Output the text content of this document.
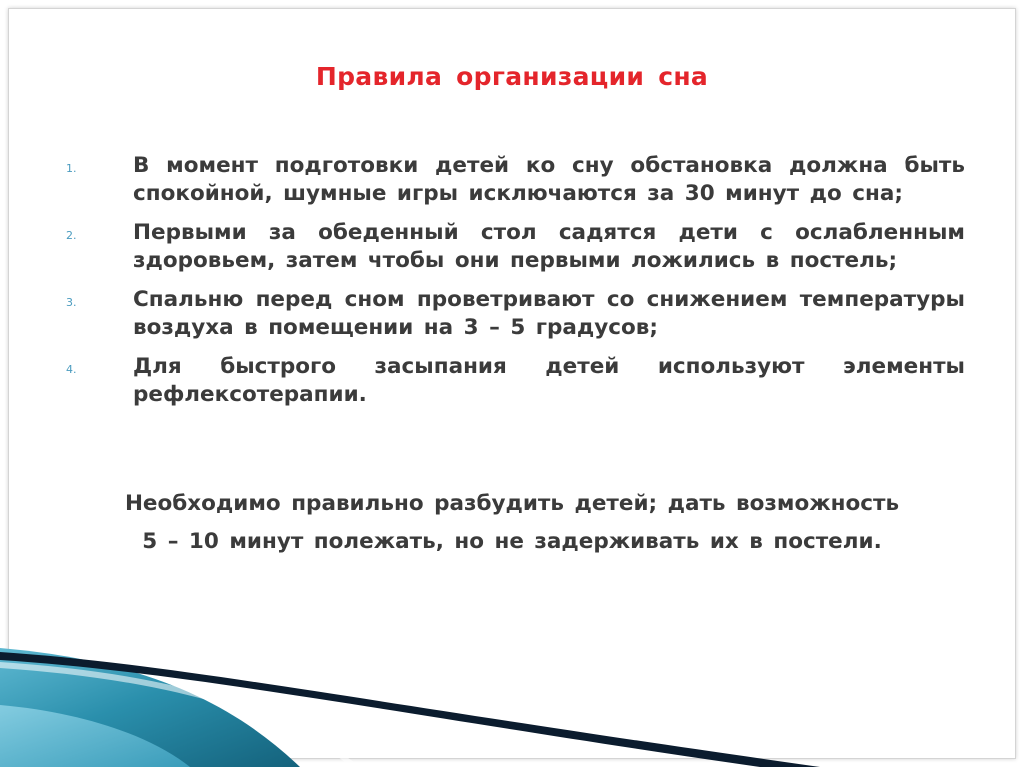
Правила организации сна
1.	В момент подготовки детей ко сну обстановка должна быть спокойной, шумные игры исключаются за 30 минут до сна;
2.	Первыми за обеденный стол садятся дети с ослабленным здоровьем, затем чтобы они первыми ложились в постель;
3.	Спальню перед сном проветривают со снижением температуры воздуха в помещении на 3 – 5 градусов;
4.	Для быстрого засыпания детей используют элементы рефлексотерапии.
Необходимо правильно разбудить детей; дать возможность
5 – 10 минут полежать, но не задерживать их в постели.
